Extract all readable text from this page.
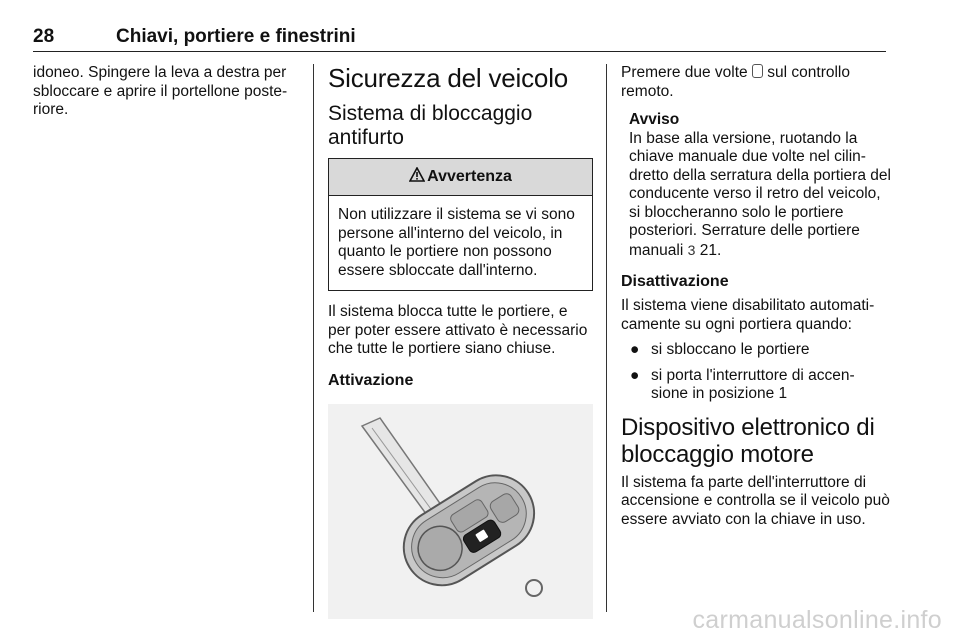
28	Chiavi, portiere e finestrini

idoneo. Spingere la leva a destra per sbloccare e aprire il portellone poste- riore.

Sicurezza del veicolo
Sistema di bloccaggio antifurto
Avvertenza
Non utilizzare il sistema se vi sono persone all'interno del veicolo, in quanto le portiere non possono essere sbloccate dall'interno.

Il sistema blocca tutte le portiere, e per poter essere attivato è necessario che tutte le portiere siano chiuse.

Attivazione

Premere due volte sul controllo remoto.

Avviso

In base alla versione, ruotando la chiave manuale due volte nel cilin- dretto della serratura della portiera del conducente verso il retro del veicolo, si bloccheranno solo le portiere posteriori. Serrature delle portiere manuali 3 21.

Disattivazione

Il sistema viene disabilitato automati- camente su ogni portiera quando:

● si sbloccano le portiere
● si porta l'interruttore di accen- sione in posizione 1
Dispositivo elettronico di bloccaggio motore

Il sistema fa parte dell'interruttore di accensione e controlla se il veicolo può essere avviato con la chiave in uso.

carmanualsonline.info
